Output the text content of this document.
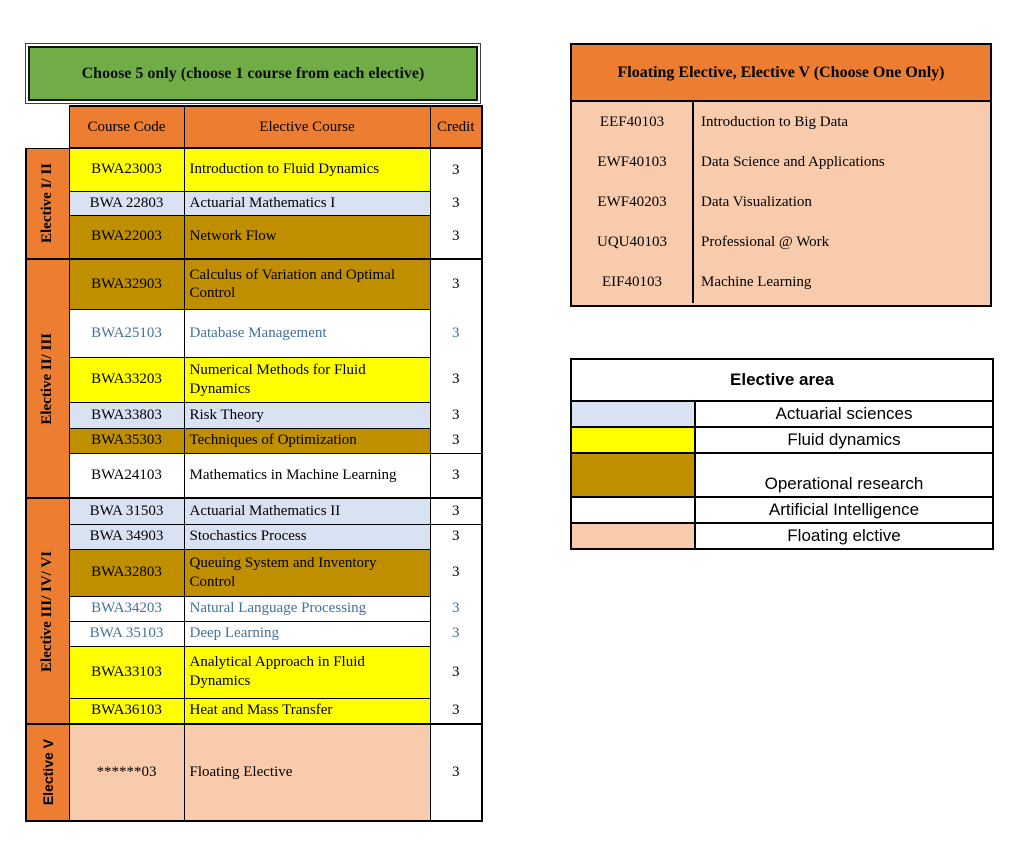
Choose 5 only (choose 1 course from each elective)
	Course Code	Elective Course	Credit

Elective I/ II	BWA23003	Introduction to Fluid Dynamics	3
	BWA 22803	Actuarial Mathematics I	3
	BWA22003	Network Flow	3

Elective II/ III	BWA32903	Calculus of Variation and Optimal Control	3
	BWA25103	Database Management	3
	BWA33203	Numerical Methods for Fluid Dynamics	3
	BWA33803	Risk Theory	3
	BWA35303	Techniques of Optimization	3
	BWA24103	Mathematics in Machine Learning	3

Elective III/ IV/ VI	BWA 31503	Actuarial Mathematics II	3
	BWA 34903	Stochastics Process	3
	BWA32803	Queuing System and Inventory Control	3
	BWA34203	Natural Language Processing	3
	BWA 35103	Deep Learning	3
	BWA33103	Analytical Approach in Fluid Dynamics	3
	BWA36103	Heat and Mass Transfer	3

Elective V	******03	Floating Elective	3
Floating Elective, Elective V (Choose One Only)
EEF40103	Introduction to Big Data
EWF40103	Data Science and Applications
EWF40203	Data Visualization
UQU40103	Professional @ Work
EIF40103	Machine Learning
Elective area	
	Actuarial sciences
	Fluid dynamics
	Operational research
	Artificial Intelligence
	Floating elctive
